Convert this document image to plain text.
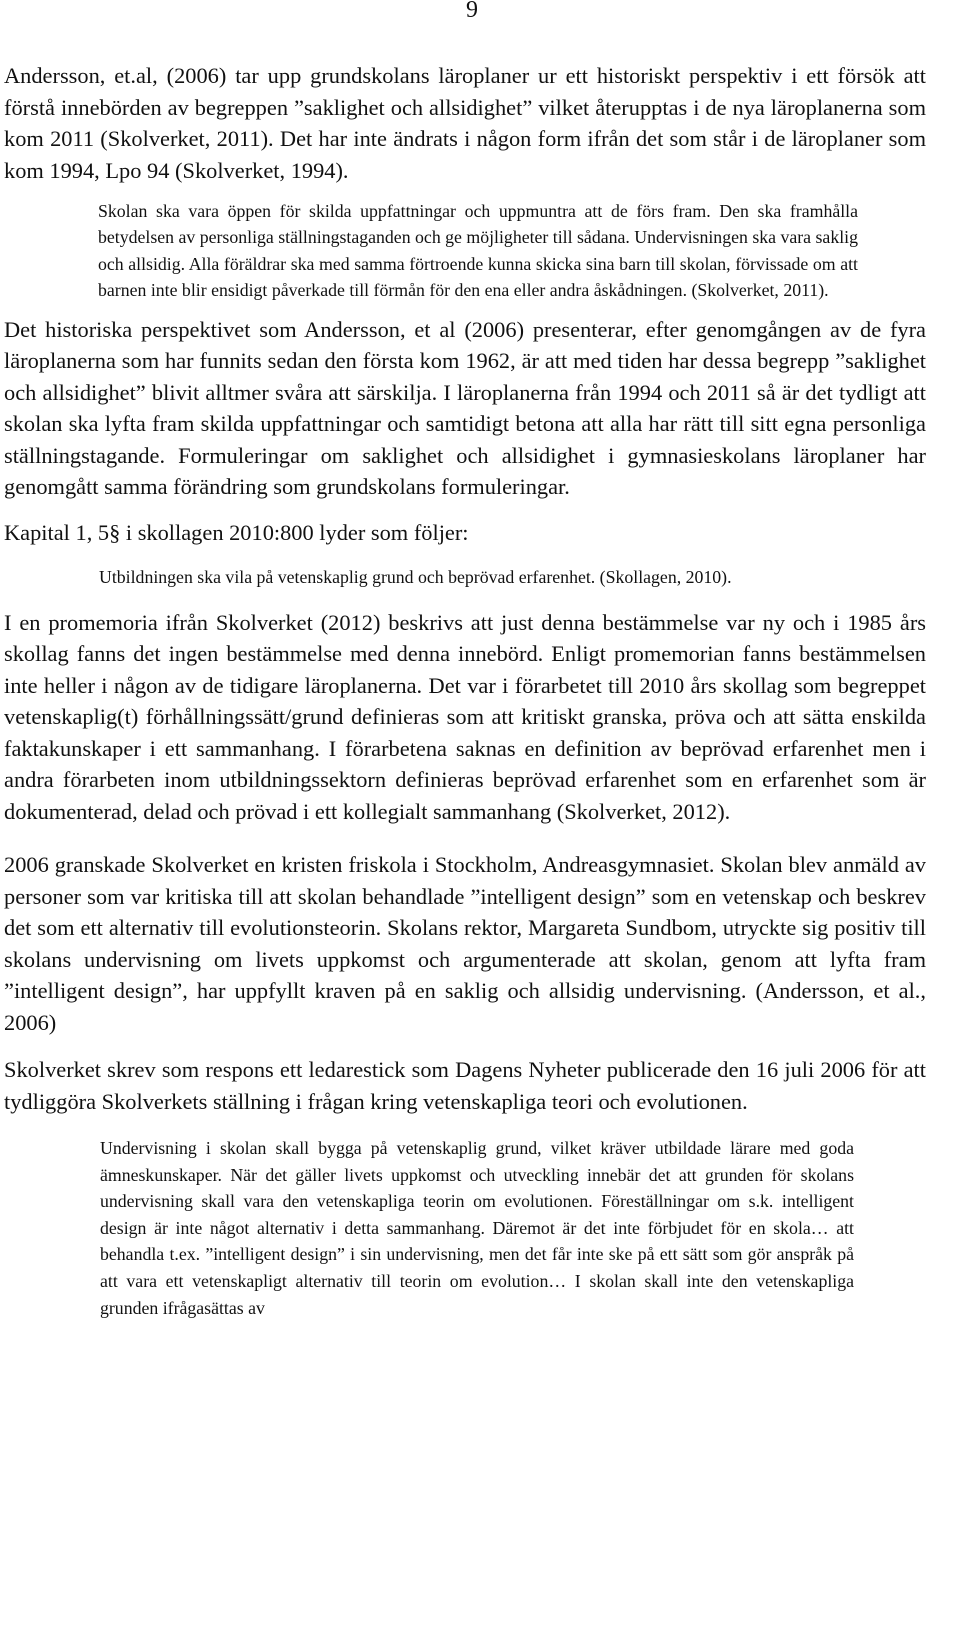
9

Andersson, et.al, (2006) tar upp grundskolans läroplaner ur ett historiskt perspektiv i ett försök att förstå innebörden av begreppen ”saklighet och allsidighet” vilket återupptas i de nya läroplanerna som kom 2011 (Skolverket, 2011). Det har inte ändrats i någon form ifrån det som står i de läroplaner som kom 1994, Lpo 94 (Skolverket, 1994).

Skolan ska vara öppen för skilda uppfattningar och uppmuntra att de förs fram. Den ska framhålla betydelsen av personliga ställningstaganden och ge möjligheter till sådana. Undervisningen ska vara saklig och allsidig. Alla föräldrar ska med samma förtroende kunna skicka sina barn till skolan, förvissade om att barnen inte blir ensidigt påverkade till förmån för den ena eller andra åskådningen. (Skolverket, 2011).

Det historiska perspektivet som Andersson, et al (2006) presenterar, efter genomgången av de fyra läroplanerna som har funnits sedan den första kom 1962, är att med tiden har dessa begrepp ”saklighet och allsidighet” blivit alltmer svåra att särskilja. I läroplanerna från 1994 och 2011 så är det tydligt att skolan ska lyfta fram skilda uppfattningar och samtidigt betona att alla har rätt till sitt egna personliga ställningstagande. Formuleringar om saklighet och allsidighet i gymnasieskolans läroplaner har genomgått samma förändring som grundskolans formuleringar.

Kapital 1, 5§ i skollagen 2010:800 lyder som följer:

Utbildningen ska vila på vetenskaplig grund och beprövad erfarenhet. (Skollagen, 2010).

I en promemoria ifrån Skolverket (2012) beskrivs att just denna bestämmelse var ny och i 1985 års skollag fanns det ingen bestämmelse med denna innebörd. Enligt promemorian fanns bestämmelsen inte heller i någon av de tidigare läroplanerna. Det var i förarbetet till 2010 års skollag som begreppet vetenskaplig(t) förhållningssätt/grund definieras som att kritiskt granska, pröva och att sätta enskilda faktakunskaper i ett sammanhang. I förarbetena saknas en definition av beprövad erfarenhet men i andra förarbeten inom utbildningssektorn definieras beprövad erfarenhet som en erfarenhet som är dokumenterad, delad och prövad i ett kollegialt sammanhang (Skolverket, 2012).

2006 granskade Skolverket en kristen friskola i Stockholm, Andreasgymnasiet. Skolan blev anmäld av personer som var kritiska till att skolan behandlade ”intelligent design” som en vetenskap och beskrev det som ett alternativ till evolutionsteorin. Skolans rektor, Margareta Sundbom, utryckte sig positiv till skolans undervisning om livets uppkomst och argumenterade att skolan, genom att lyfta fram ”intelligent design”, har uppfyllt kraven på en saklig och allsidig undervisning. (Andersson, et al., 2006)

Skolverket skrev som respons ett ledarestick som Dagens Nyheter publicerade den 16 juli 2006 för att tydliggöra Skolverkets ställning i frågan kring vetenskapliga teori och evolutionen.

Undervisning i skolan skall bygga på vetenskaplig grund, vilket kräver utbildade lärare med goda ämneskunskaper. När det gäller livets uppkomst och utveckling innebär det att grunden för skolans undervisning skall vara den vetenskapliga teorin om evolutionen. Föreställningar om s.k. intelligent design är inte något alternativ i detta sammanhang. Däremot är det inte förbjudet för en skola… att behandla t.ex. ”intelligent design” i sin undervisning, men det får inte ske på ett sätt som gör anspråk på att vara ett vetenskapligt alternativ till teorin om evolution… I skolan skall inte den vetenskapliga grunden ifrågasättas av
